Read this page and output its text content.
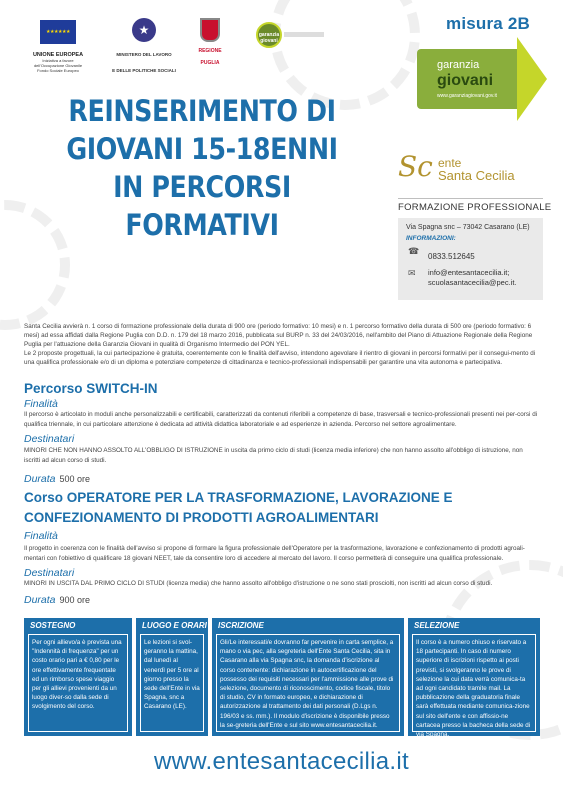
★★★★★★
UNIONE EUROPEA
Iniziativa a favore
dell'Occupazione Giovanile
Fondo Sociale Europeo
★
MINISTERO DEL LAVORO
E DELLE POLITICHE SOCIALI
REGIONE
PUGLIA
garanzia giovani
misura 2B
garanzia
giovani
www.garanziagiovani.gov.it
Sc ente
Santa Cecilia
FORMAZIONE PROFESSIONALE
Via Spagna snc – 73042 Casarano (LE)
INFORMAZIONI:
☎
0833.512645
✉ info@entesantacecilia.it;
scuolasantacecilia@pec.it.
REINSERIMENTO DI
GIOVANI 15-18ENNI
IN PERCORSI
FORMATIVI

Santa Cecilia avvierà n. 1 corso di formazione professionale della durata di 900 ore (periodo formativo: 10 mesi) e n. 1 percorso formativo della durata di 500 ore (periodo formativo: 6 mesi) ad essa affidati dalla Regione Puglia con D.D. n. 179 del 18 marzo 2016, pubblicata sul BURP n. 33 del 24/03/2016, nell'ambito del Piano di Attuazione Regionale della Regione Puglia per l'attuazione della Garanzia Giovani in qualità di Organismo Intermedio del PON YEL.

Le 2 proposte progettuali, la cui partecipazione è gratuita, coerentemente con le finalità dell'avviso, intendono agevolare il rientro di giovani in percorsi formativi per il consegui-mento di una qualifica professionale e/o di un diploma e potenziare competenze di cittadinanza e tecnico-professionali indispensabili per garantire una vita autonoma e partecipativa.

Percorso SWITCH-IN
Finalità
Il percorso è articolato in moduli anche personalizzabili e certificabili, caratterizzati da contenuti riferibili a competenze di base, trasversali e tecnico-professionali presenti nei per-corsi di qualifica triennale, in cui particolare attenzione è dedicata ad attività didattica laboratoriale e ad esperienze in azienda. Percorso nel settore agroalimentare.
Destinatari
MINORI CHE NON HANNO ASSOLTO ALL'OBBLIGO DI ISTRUZIONE in uscita da primo ciclo di studi (licenza media inferiore) che non hanno assolto all'obbligo di istruzione, non iscritti ad alcun corso di studi.
Durata 500 ore
Corso OPERATORE PER LA TRASFORMAZIONE, LAVORAZIONE E
CONFEZIONAMENTO DI PRODOTTI AGROALIMENTARI
Finalità
Il progetto in coerenza con le finalità dell'avviso si propone di formare la figura professionale dell'Operatore per la trasformazione, lavorazione e confezionamento di prodotti agroali-mentari con l'obiettivo di qualificare 18 giovani NEET, tale da consentire loro di accedere al mercato del lavoro. Il corso permetterà di conseguire una qualifica professionale.
Destinatari
MINORI IN USCITA DAL PRIMO CICLO DI STUDI (licenza media) che hanno assolto all'obbligo d'istruzione o ne sono stati prosciolti, non iscritti ad alcun corso di studi.
Durata 900 ore
SOSTEGNO
Per ogni allievo/a è prevista una "Indennità di frequenza" per un costo orario pari a € 0,80 per le ore effettivamente frequentate ed un rimborso spese viaggio per gli allievi provenienti da un luogo diver-so dalla sede di svolgimento del corso.
LUOGO E ORARI
Le lezioni si svol-geranno la mattina, dal lunedì al venerdì per 5 ore al giorno presso la sede dell'Ente in via Spagna, snc a Casarano (LE).
ISCRIZIONE
Gli/Le interessati/e dovranno far pervenire in carta semplice, a mano o via pec, alla segreteria dell'Ente Santa Cecilia, sita in Casarano alla via Spagna snc, la domanda d'iscrizione al corso contenente: dichiarazione in autocertificazione del possesso dei requisiti necessari per l'ammissione alle prove di selezione, documento di riconoscimento, codice fiscale, titolo di studio, CV in formato europeo, e dichiarazione di autorizzazione al trattamento dei dati personali (D.Lgs n. 196/03 e ss. mm.). Il modulo d'iscrizione è disponibile presso la se-greteria dell'Ente e sul sito www.entesantacecilia.it.
SELEZIONE
Il corso è a numero chiuso e riservato a 18 partecipanti. In caso di numero superiore di iscrizioni rispetto ai posti previsti, si svolgeranno le prove di selezione la cui data verrà comunica-ta ad ogni candidato tramite mail. La pubblicazione della graduatoria finale sarà effettuata mediante comunica-zione sul sito dell'ente e con affissio-ne cartacea presso la bacheca della sede di via Spagna.
www.entesantacecilia.it
